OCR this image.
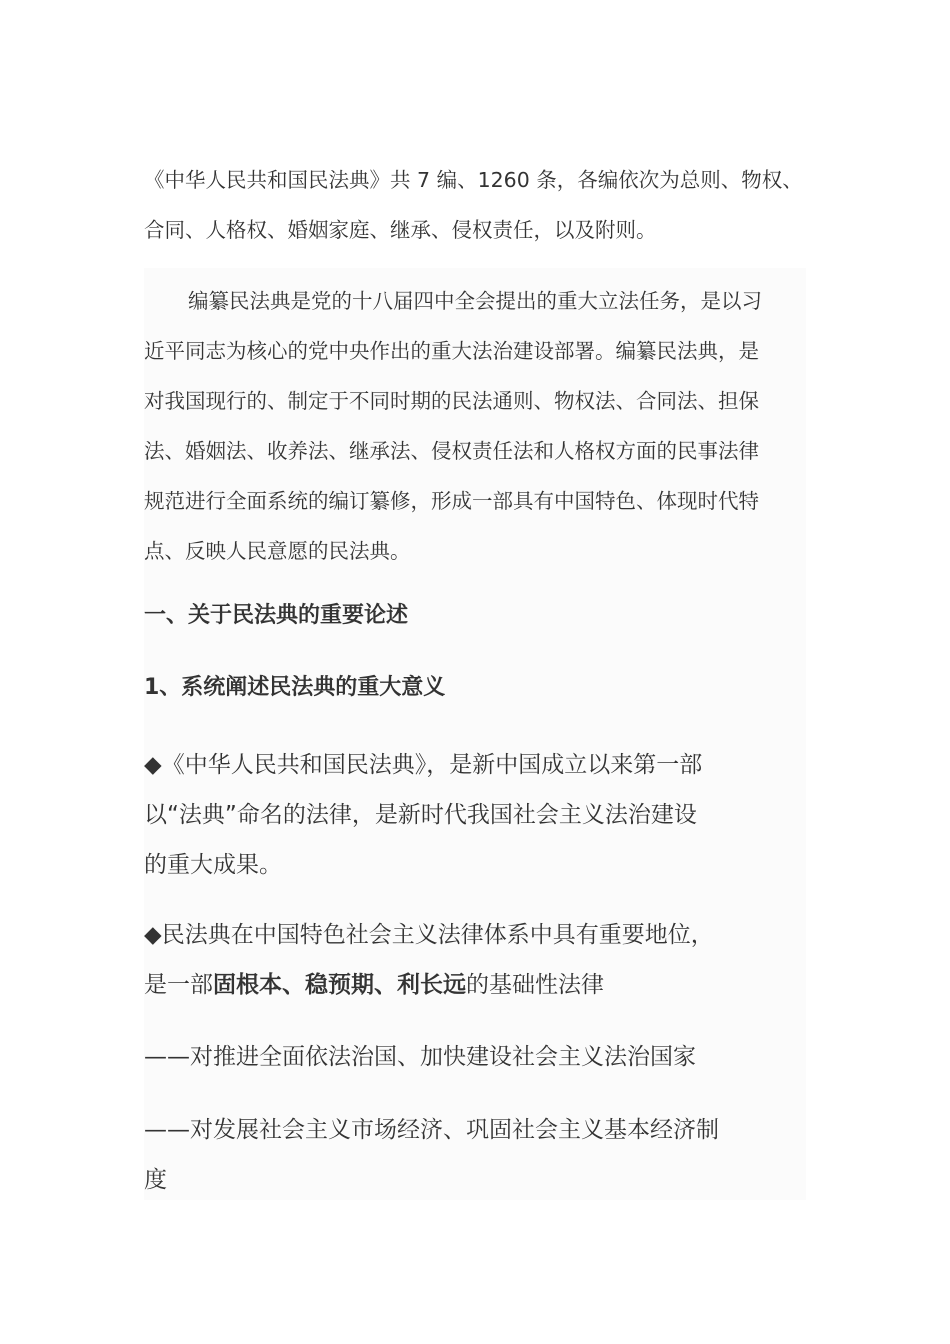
《中华人民共和国民法典》共 7 编、1260 条，各编依次为总则、物权、
合同、人格权、婚姻家庭、继承、侵权责任，以及附则。
编纂民法典是党的十八届四中全会提出的重大立法任务，是以习
近平同志为核心的党中央作出的重大法治建设部署。编纂民法典，是
对我国现行的、制定于不同时期的民法通则、物权法、合同法、担保
法、婚姻法、收养法、继承法、侵权责任法和人格权方面的民事法律
规范进行全面系统的编订纂修，形成一部具有中国特色、体现时代特
点、反映人民意愿的民法典。
一、关于民法典的重要论述
1、系统阐述民法典的重大意义
◆《中华人民共和国民法典》，是新中国成立以来第一部
以“法典”命名的法律，是新时代我国社会主义法治建设
的重大成果。
◆民法典在中国特色社会主义法律体系中具有重要地位，
是一部固根本、稳预期、利长远的基础性法律
——对推进全面依法治国、加快建设社会主义法治国家
——对发展社会主义市场经济、巩固社会主义基本经济制
度
